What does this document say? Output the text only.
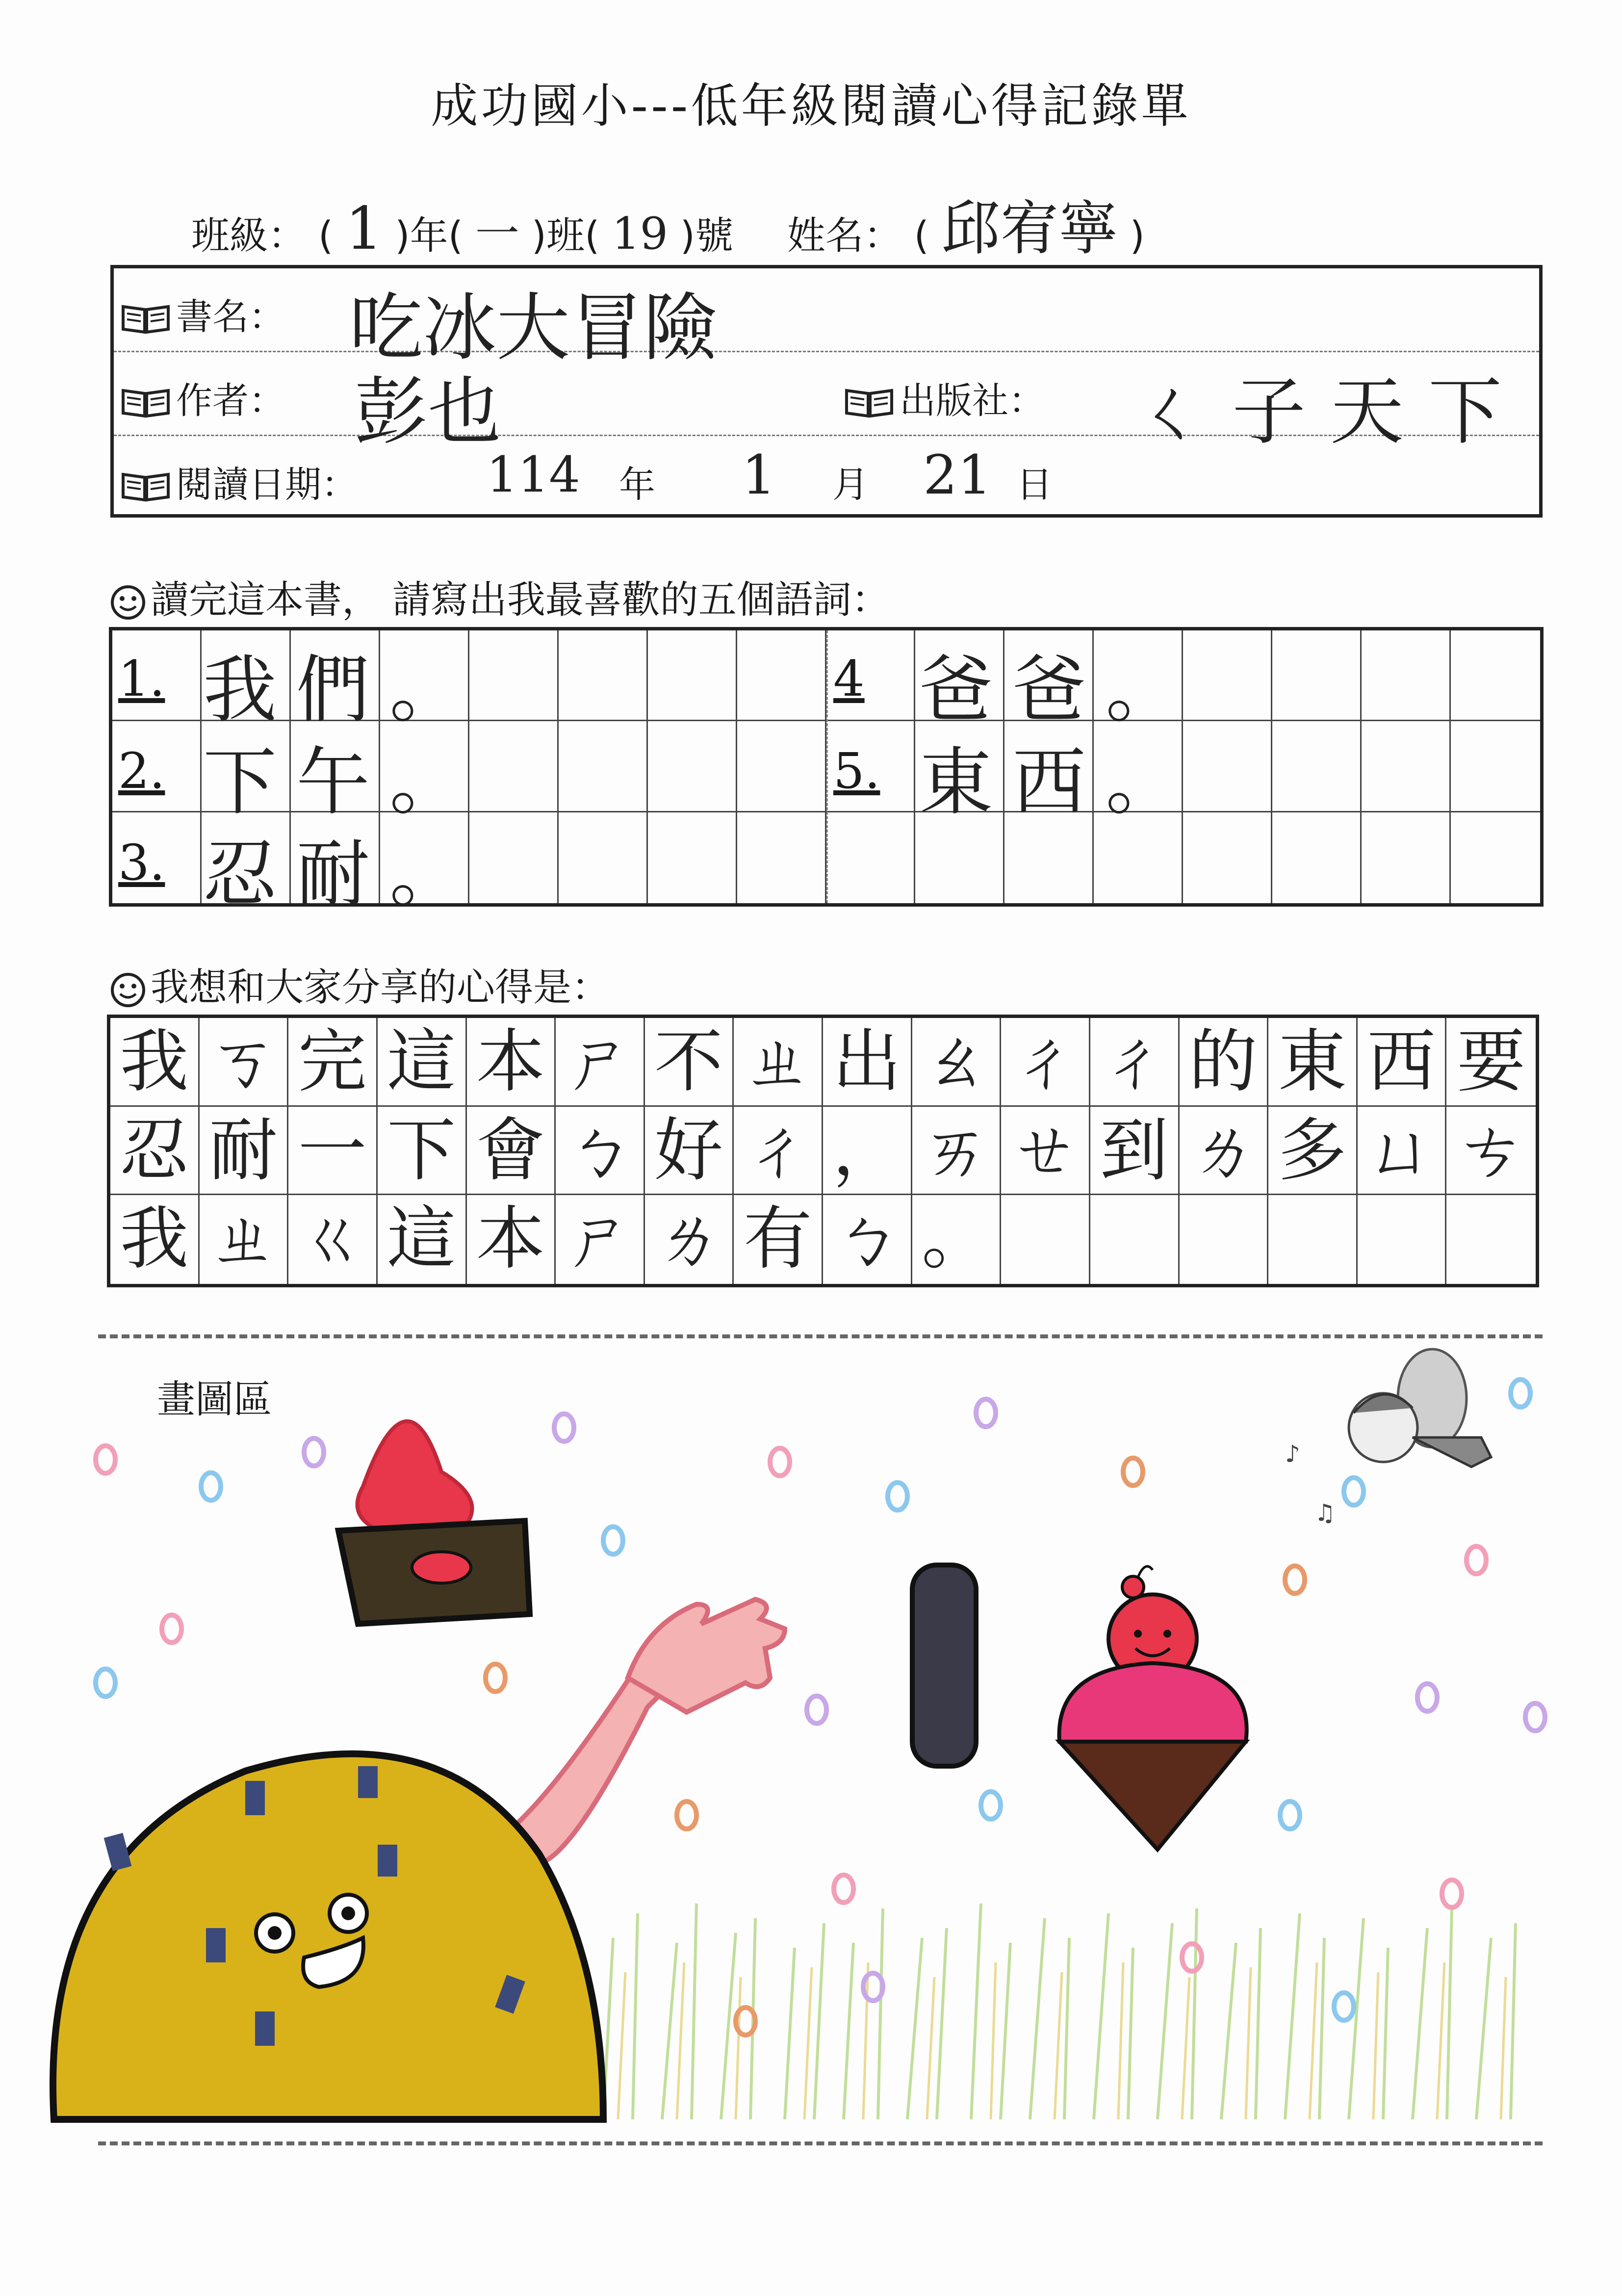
成功國小---低年級閱讀心得記錄單
班級： ( 1 )年( 一 )班( 19 )號 姓名： ( 邱宥寧 )
書名： 吃冰大冒險
作者： 彭也	出版社： ㄑ子天下
閱讀日期：	114 年 1 月 21 日
讀完這本書， 請寫出我最喜歡的五個語詞：
1. 我們。
2. 下午。
3. 忍耐。
4 爸爸。
5. 東西。
我想和大家分享的心得是：
我 ㄎ 完 這 本 ㄕ 不 ㄓ 出 ㄠ ㄔ ㄔ 的 東 西 要
忍 耐 一 下 會 ㄅ 好 ㄔ ， ㄞ ㄝ 到 ㄌ 多 ㄩ ㄘ
我 ㄓ ㄍ 這 本 ㄕ ㄌ 有 ㄅ 。
畫圖區
♪
♫
